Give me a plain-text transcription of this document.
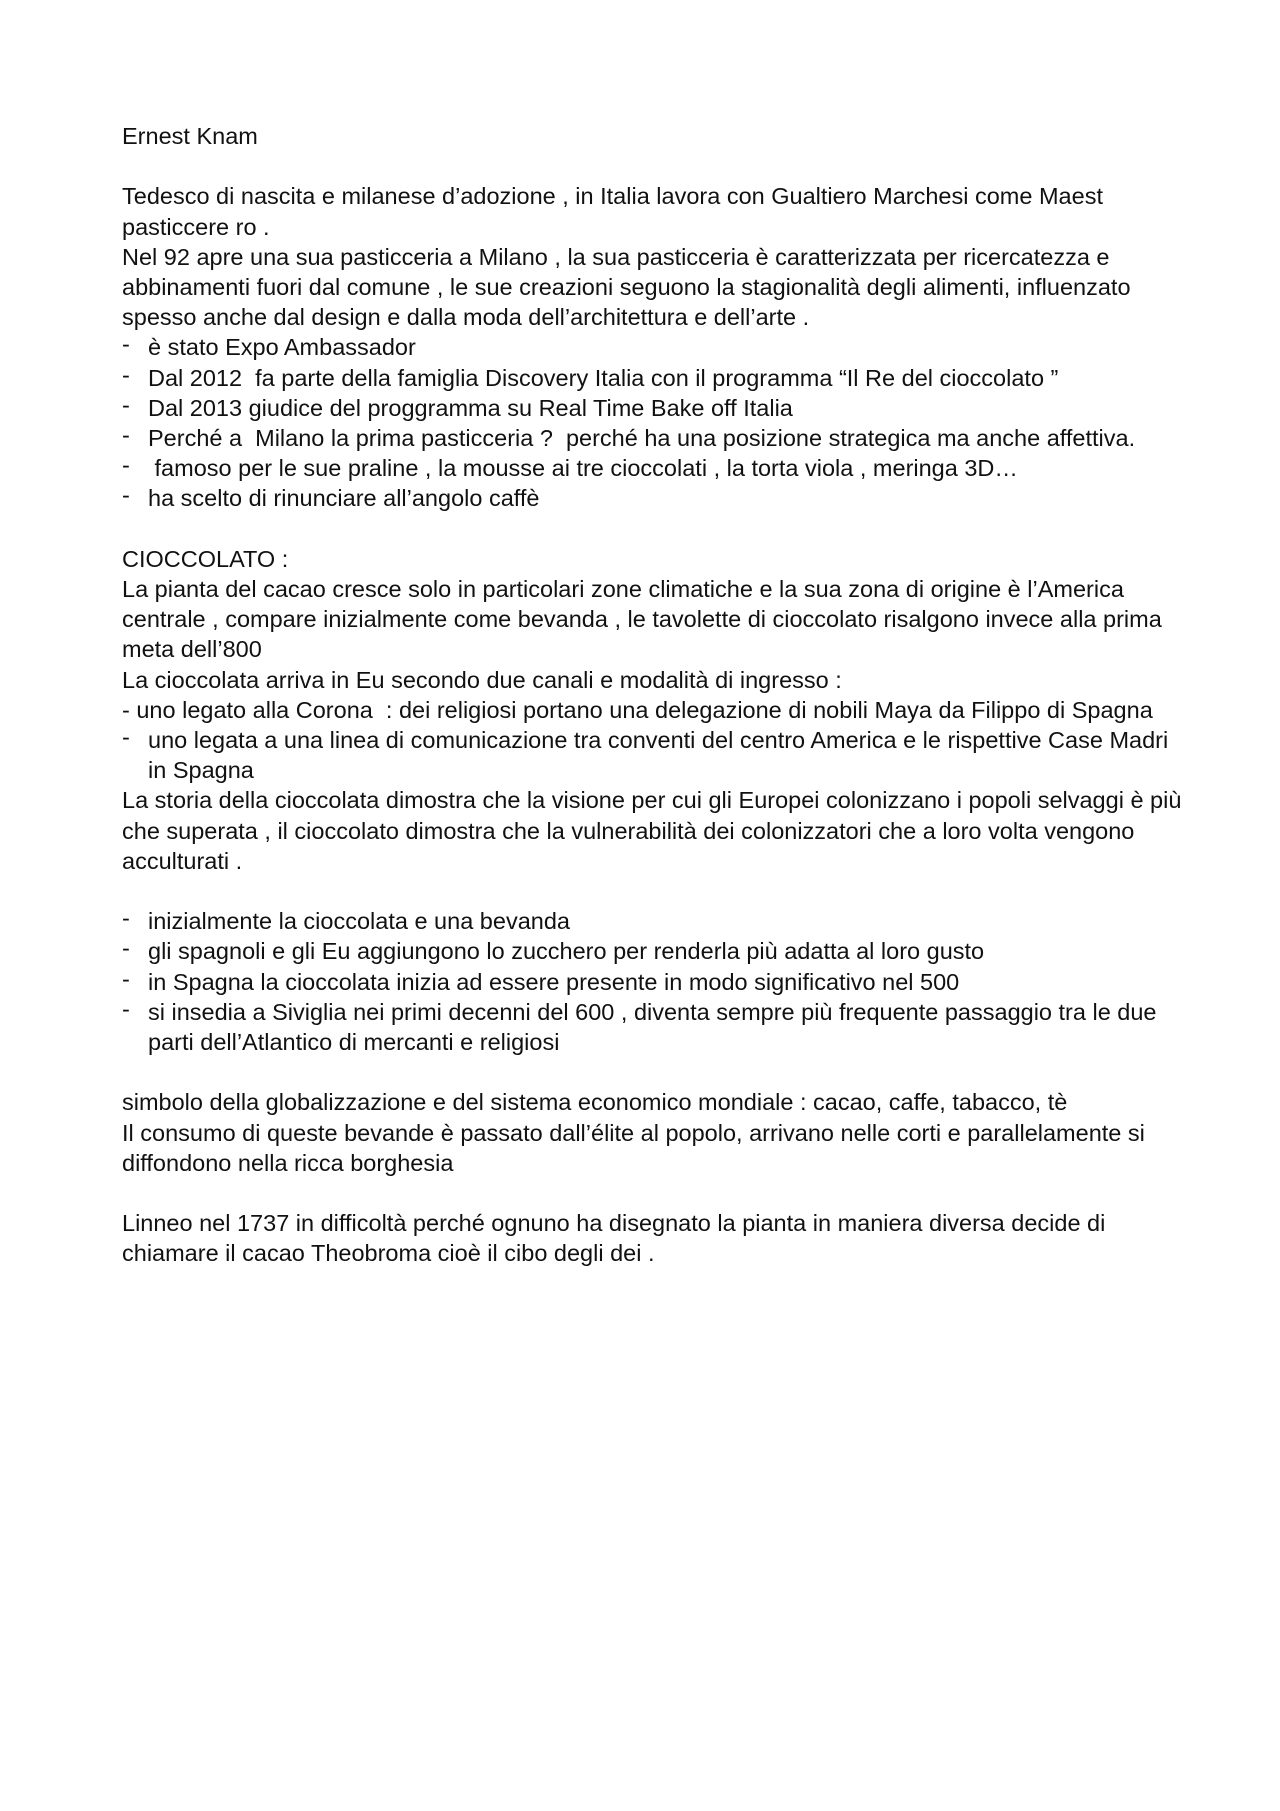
Ernest Knam

Tedesco di nascita e milanese d’adozione , in Italia lavora con Gualtiero Marchesi come Maest pasticcere ro .

Nel 92 apre una sua pasticceria a Milano , la sua pasticceria è caratterizzata per ricercatezza e abbinamenti fuori dal comune , le sue creazioni seguono la stagionalità degli alimenti, influenzato spesso anche dal design e dalla moda dell’architettura e dell’arte .

- è stato Expo Ambassador
- Dal 2012  fa parte della famiglia Discovery Italia con il programma “Il Re del cioccolato ”
- Dal 2013 giudice del proggramma su Real Time Bake off Italia
- Perché a  Milano la prima pasticceria ?  perché ha una posizione strategica ma anche affettiva.
-  famoso per le sue praline , la mousse ai tre cioccolati , la torta viola , meringa 3D…
- ha scelto di rinunciare all’angolo caffè

CIOCCOLATO :

La pianta del cacao cresce solo in particolari zone climatiche e la sua zona di origine è l’America centrale , compare inizialmente come bevanda , le tavolette di cioccolato risalgono invece alla prima meta dell’800

La cioccolata arriva in Eu secondo due canali e modalità di ingresso :

- uno legato alla Corona  : dei religiosi portano una delegazione di nobili Maya da Filippo di Spagna

- uno legata a una linea di comunicazione tra conventi del centro America e le rispettive Case Madri in Spagna

La storia della cioccolata dimostra che la visione per cui gli Europei colonizzano i popoli selvaggi è più che superata , il cioccolato dimostra che la vulnerabilità dei colonizzatori che a loro volta vengono acculturati .

- inizialmente la cioccolata e una bevanda
- gli spagnoli e gli Eu aggiungono lo zucchero per renderla più adatta al loro gusto
- in Spagna la cioccolata inizia ad essere presente in modo significativo nel 500
- si insedia a Siviglia nei primi decenni del 600 , diventa sempre più frequente passaggio tra le due parti dell’Atlantico di mercanti e religiosi

simbolo della globalizzazione e del sistema economico mondiale : cacao, caffe, tabacco, tè

Il consumo di queste bevande è passato dall’élite al popolo, arrivano nelle corti e parallelamente si diffondono nella ricca borghesia

Linneo nel 1737 in difficoltà perché ognuno ha disegnato la pianta in maniera diversa decide di chiamare il cacao Theobroma cioè il cibo degli dei .
